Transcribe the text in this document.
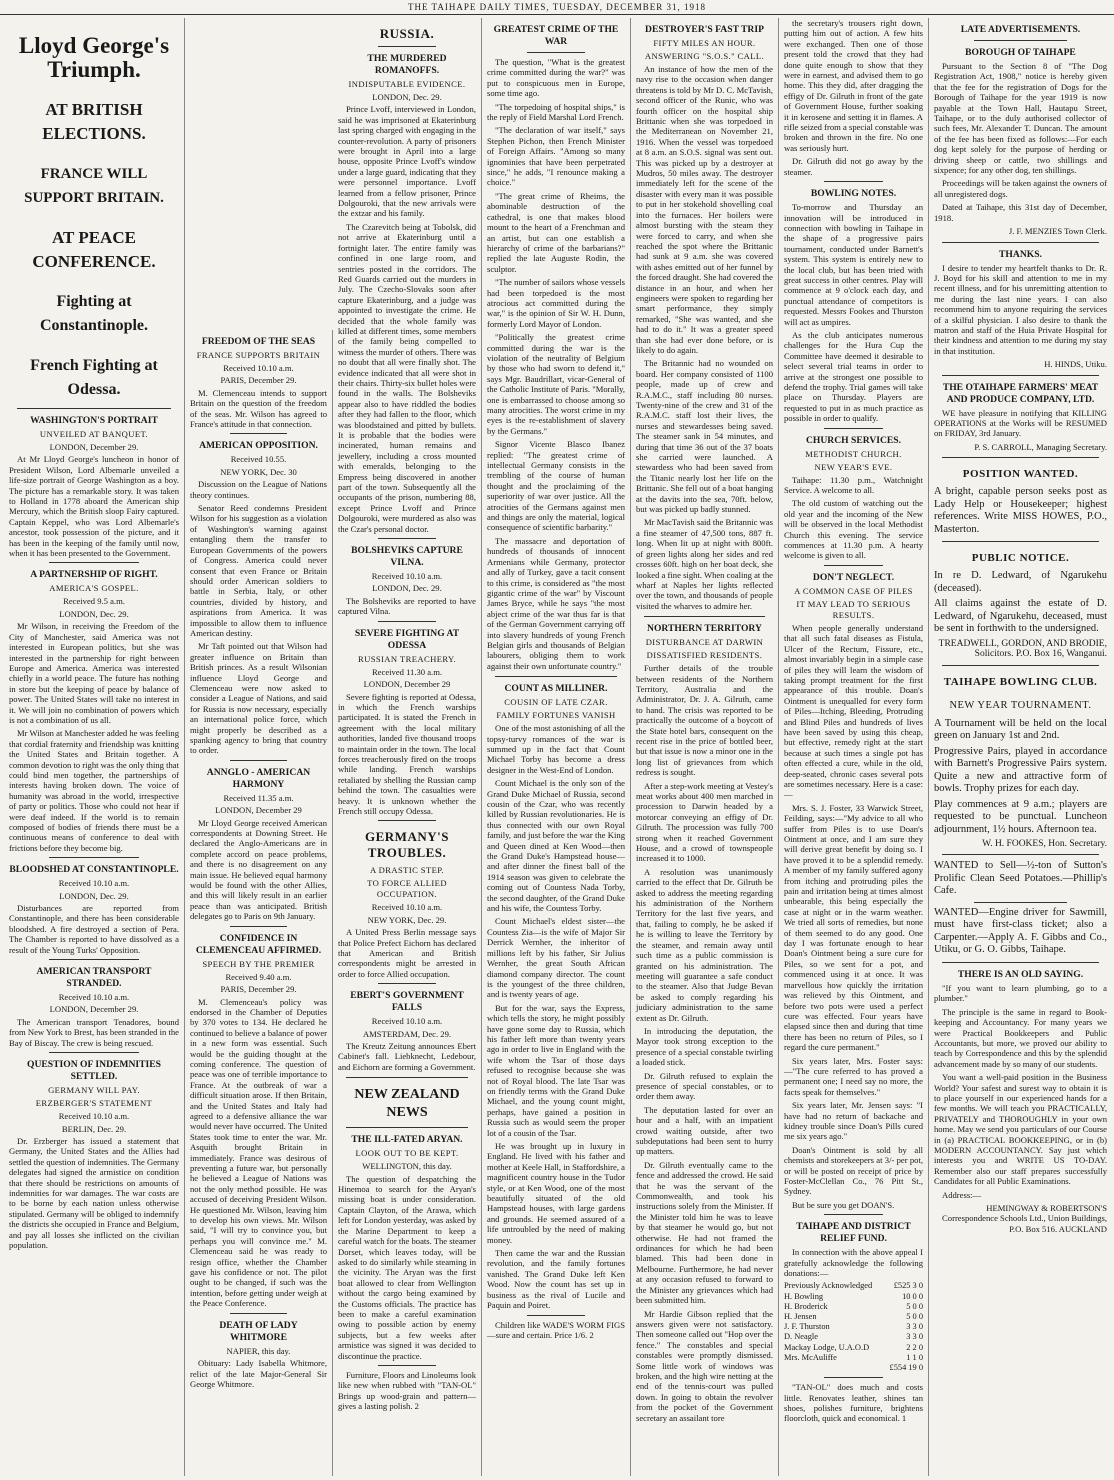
THE TAIHAPE DAILY TIMES, TUESDAY, DECEMBER 31, 1918
Lloyd George's Triumph.
AT BRITISH ELECTIONS.
FRANCE WILL SUPPORT BRITAIN.
AT PEACE CONFERENCE.
Fighting at Constantinople.
French Fighting at Odessa.
WASHINGTON'S PORTRAIT
UNVEILED AT BANQUET.
LONDON, December 29.

At Mr Lloyd George's luncheon in honor of President Wilson, Lord Albemarle unveiled a life-size portrait of George Washington as a boy. The picture has a remarkable story. It was taken to Holland in 1778 aboard the American ship Mercury, which the British sloop Fairy captured. Captain Keppel, who was Lord Albemarle's ancestor, took possession of the picture, and it has been in the keeping of the family until now, when it has been presented to the Government.

A PARTNERSHIP OF RIGHT.
AMERICA'S GOSPEL.
Received 9.5 a.m.
LONDON, Dec. 29.

Mr Wilson, in receiving the Freedom of the City of Manchester, said America was not interested in European politics, but she was interested in the partnership for right between Europe and America. America was interested chiefly in a world peace. The future has nothing in store but the keeping of peace by balance of power. The United States will take no interest in it. We will join no combination of powers which is not a combination of us all.

Mr Wilson at Manchester added he was feeling that cordial fraternity and friendship was knitting the United States and Britain together. A common devotion to right was the only thing that could bind men together, the partnerships of interests having broken down. The voice of humanity was abroad in the world, irrespective of party or politics. Those who could not hear if were deaf indeed. If the world is to remain composed of bodies of friends there must be a continuous means of conference to deal with frictions before they become big.

BLOODSHED AT CONSTANTINOPLE.
Received 10.10 a.m.
LONDON, Dec. 29.

Disturbances are reported from Constantinople, and there has been considerable bloodshed. A fire destroyed a section of Pera. The Chamber is reported to have dissolved as a result of the Young Turks' Opposition.

AMERICAN TRANSPORT STRANDED.
Received 10.10 a.m.
LONDON, December 29.

The American transport Tenadores, bound from New York to Brest, has been stranded in the Bay of Biscay. The crew is being rescued.

QUESTION OF INDEMNITIES SETTLED.
GERMANY WILL PAY.
ERZBERGER'S STATEMENT
Received 10.10 a.m.
BERLIN, Dec. 29.

Dr. Erzberger has issued a statement that Germany, the United States and the Allies had settled the question of indemnities. The Germany delegates had signed the armistice on condition that there should be restrictions on amounts of indemnities for war damages. The war costs are to be borne by each nation unless otherwise stipulated. Germany will be obliged to indemnify the districts she occupied in France and Belgium, and pay all losses she inflicted on the civilian population.

FREEDOM OF THE SEAS
FRANCE SUPPORTS BRITAIN
Received 10.10 a.m.
PARIS, December 29.

M. Clemenceau intends to support Britain on the question of the freedom of the seas. Mr. Wilson has agreed to France's attitude in that connection.

AMERICAN OPPOSITION.
Received 10.55.
NEW YORK, Dec. 30

Discussion on the League of Nations theory continues.

Senator Reed condemns President Wilson for his suggestion as a violation of Washington's warning against entangling them the transfer to European Governments of the powers of Congress. America could never consent that even France or Britain should order American soldiers to battle in Serbia, Italy, or other countries, divided by history, and aspirations from America. It was impossible to allow them to influence American destiny.

Mr Taft pointed out that Wilson had greater influence on Britain than British princes. As a result Wilsonian influence Lloyd George and Clemenceau were now asked to consider a League of Nations, and said for Russia is now necessary, especially an international police force, which might properly be described as a spanking agency to bring that country to order.

ANNGLO - AMERICAN HARMONY
Received 11.35 a.m.
LONDON, December 29

Mr Lloyd George received American correspondents at Downing Street. He declared the Anglo-Americans are in complete accord on peace problems, and there is no disagreement on any main issue. He believed equal harmony would be found with the other Allies, and this will likely result in an earlier peace than was anticipated. British delegates go to Paris on 9th January.

CONFIDENCE IN CLEMENCEAU AFFIRMED.
SPEECH BY THE PREMIER
Received 9.40 a.m.
PARIS, December 29.

M. Clemenceau's policy was endorsed in the Chamber of Deputies by 370 votes to 134. He declared he continued to believe a balance of power in a new form was essential. Such would be the guiding thought at the coming conference. The question of peace was one of terrible importance to France. At the outbreak of war a difficult situation arose. If then Britain, and the United States and Italy had agreed to a defensive alliance the war would never have occurred. The United States took time to enter the war. Mr. Asquith brought Britain in immediately. France was desirous of preventing a future war, but personally he believed a League of Nations was not the only method possible. He was accused of deceiving President Wilson. He questioned Mr. Wilson, leaving him to develop his own views. Mr. Wilson said, "I will try to convince you, but perhaps you will convince me." M. Clemenceau said he was ready to resign office, whether the Chamber gave his confidence or not. The pilot ought to be changed, if such was the intention, before getting under weigh at the Peace Conference.

DEATH OF LADY WHITMORE
NAPIER, this day.

Obituary: Lady Isabella Whitmore, relict of the late Major-General Sir George Whitmore.

RUSSIA.
THE MURDERED ROMANOFFS.
INDISPUTABLE EVIDENCE.
LONDON, Dec. 29.

Prince Lvoff, interviewed in London, said he was imprisoned at Ekaterinburg last spring charged with engaging in the counter-revolution. A party of prisoners were brought in April into a large house, opposite Prince Lvoff's window under a large guard, indicating that they were personnel importance. Lvoff learned from a fellow prisoner, Prince Dolgouroki, that the new arrivals were the extzar and his family.

The Czarevitch being at Tobolsk, did not arrive at Ekaterinburg until a fortnight later. The entire family was confined in one large room, and sentries posted in the corridors. The Red Guards carried out the murders in July. The Czecho-Slovaks soon after capture Ekaterinburg, and a judge was appointed to investigate the crime. He decided that the whole family was killed at different times, some members of the family being compelled to witness the murder of others. There was no doubt that all were finally shot. The evidence indicated that all were shot in their chairs. Thirty-six bullet holes were found in the walls. The Bolsheviks appear also to have riddled the bodies after they had fallen to the floor, which was bloodstained and pitted by bullets. It is probable that the bodies were incinerated, human remains and jewellery, including a cross mounted with emeralds, belonging to the Empress being discovered in another part of the town. Subsequently all the occupants of the prison, numbering 88, except Prince Lvoff and Prince Dolgouroki, were murdered as also was the Czar's personal doctor.

BOLSHEVIKS CAPTURE VILNA.
Received 10.10 a.m.
LONDON, Dec. 29.

The Bolsheviks are reported to have captured Vilna.

SEVERE FIGHTING AT ODESSA
RUSSIAN TREACHERY.
Received 11.30 a.m.
LONDON, December 29

Severe fighting is reported at Odessa, in which the French warships participated. It is stated the French in agreement with the local military authorities, landed five thousand troops to maintain order in the town. The local forces treacherously fired on the troops while landing. French warships retaliated by shelling the Russian camp behind the town. The casualties were heavy. It is unknown whether the French still occupy Odessa.

GERMANY'S TROUBLES.
A DRASTIC STEP.
TO FORCE ALLIED OCCUPATION.
Received 10.10 a.m.
NEW YORK, Dec. 29.

A United Press Berlin message says that Police Prefect Eichorn has declared that American and British correspondents might be arrested in order to force Allied occupation.

EBERT'S GOVERNMENT FALLS
Received 10.10 a.m.
AMSTERDAM, Dec. 29.

The Kreutz Zeitung announces Ebert Cabinet's fall. Liebknecht, Ledebour, and Eichorn are forming a Government.

NEW ZEALAND NEWS
THE ILL-FATED ARYAN.
LOOK OUT TO BE KEPT.
WELLINGTON, this day.

The question of despatching the Hinemoa to search for the Aryan's missing boat is under consideration. Captain Clayton, of the Arawa, which left for London yesterday, was asked by the Marine Department to keep a careful watch for the boats. The steamer Dorset, which leaves today, will be asked to do similarly while steaming in the vicinity. The Aryan was the first boat allowed to clear from Wellington without the cargo being examined by the Customs officials. The practice has been to make a careful examination owing to possible action by enemy subjects, but a few weeks after armistice was signed it was decided to discontinue the practice.

Furniture, Floors and Linoleums look like new when rubbed with "TAN-OL" Brings up wood-grain and pattern—gives a lasting polish. 2

GREATEST CRIME OF THE WAR

The question, "What is the greatest crime committed during the war?" was put to conspicuous men in Europe, some time ago.

"The torpedoing of hospital ships," is the reply of Field Marshal Lord French.

"The declaration of war itself," says Stephen Pichon, then French Minister of Foreign Affairs. "Among so many ignominies that have been perpetrated since," he adds, "I renounce making a choice."

"The great crime of Rheims, the abominable destruction of the cathedral, is one that makes blood mount to the heart of a Frenchman and an artist, but can one establish a hierarchy of crime of the barbarians?" replied the late Auguste Rodin, the sculptor.

"The number of sailors whose vessels had been torpedoed is the most atrocious act committed during the war," is the opinion of Sir W. H. Dunn, formerly Lord Mayor of London.

"Politically the greatest crime committed during the war is the violation of the neutrality of Belgium by those who had sworn to defend it," says Mgr. Baudrillart, vicar-General of the Catholic Institute of Paris. "Morally, one is embarrassed to choose among so many atrocities. The worst crime in my eyes is the re-establishment of slavery by the Germans."

Signor Vicente Blasco Ibanez replied: "The greatest crime of intellectual Germany consists in the trembling of the course of human thought and the proclaiming of the superiority of war over justice. All the atrocities of the Germans against men and things are only the material, logical consequence of scientific barbarity."

The massacre and deportation of hundreds of thousands of innocent Armenians while Germany, protector and ally of Turkey, gave a tacit consent to this crime, is considered as "the most gigantic crime of the war" by Viscount James Bryce, while he says "the most abject crime of the war thus far is that of the German Government carrying off into slavery hundreds of young French Belgian girls and thousands of Belgian labourers, obliging them to work against their own unfortunate country."

COUNT AS MILLINER.
COUSIN OF LATE CZAR.
FAMILY FORTUNES VANISH

One of the most astonishing of all the topsy-turvy romances of the war is summed up in the fact that Count Michael Torby has become a dress designer in the West-End of London.

Count Michael is the only son of the Grand Duke Michael of Russia, second cousin of the Czar, who was recently killed by Russian revolutionaries. He is thus connected with our own Royal family, and just before the war the King and Queen dined at Ken Wood—then the Grand Duke's Hampstead house—and after dinner the finest ball of the 1914 season was given to celebrate the coming out of Countess Nada Torby, the second daughter, of the Grand Duke and his wife, the Countess Torby.

Count Michael's eldest sister—the Countess Zia—is the wife of Major Sir Derrick Wernher, the inheritor of millions left by his father, Sir Julius Wernher, the great South African diamond company director. The count is the youngest of the three children, and is twenty years of age.

But for the war, says the Express, which tells the story, he might possibly have gone some day to Russia, which his father left more than twenty years ago in order to live in England with the wife whom the Tsar of those days refused to recognise because she was not of Royal blood. The late Tsar was on friendly terms with the Grand Duke Michael, and the young count might, perhaps, have gained a position in Russia such as would seem the proper lot of a cousin of the Tsar.

He was brought up in luxury in England. He lived with his father and mother at Keele Hall, in Staffordshire, a magnificent country house in the Tudor style, or at Ken Wood, one of the most beautifully situated of the old Hampstead houses, with large gardens and grounds. He seemed assured of a life untroubled by the need of making money.

Then came the war and the Russian revolution, and the family fortunes vanished. The Grand Duke left Ken Wood. Now the count has set up in business as the rival of Lucile and Paquin and Poiret.

Children like WADE'S WORM FIGS—sure and certain. Price 1/6. 2

DESTROYER'S FAST TRIP
FIFTY MILES AN HOUR.
ANSWERING "S.O.S." CALL.

An instance of how the men of the navy rise to the occasion when danger threatens is told by Mr D. C. McTavish, second officer of the Runic, who was fourth officer on the hospital ship Brittanic when she was torpedoed in the Mediterranean on November 21, 1916. When the vessel was torpedoed at 8 a.m. an S.O.S. signal was sent out. This was picked up by a destroyer at Mudros, 50 miles away. The destroyer immediately left for the scene of the disaster with every man it was possible to put in her stokehold shovelling coal into the furnaces. Her boilers were almost bursting with the steam they were forced to carry, and when she reached the spot where the Brittanic had sunk at 9 a.m. she was covered with ashes emitted out of her funnel by the forced draught. She had covered the distance in an hour, and when her engineers were spoken to regarding her smart performance, they simply remarked, "She was wanted, and she had to do it." It was a greater speed than she had ever done before, or is likely to do again.

The Britannic had no wounded on board. Her company consisted of 1100 people, made up of crew and R.A.M.C., staff including 80 nurses. Twenty-nine of the crew and 31 of the R.A.M.C. staff lost their lives, the nurses and stewardesses being saved. The steamer sank in 54 minutes, and during that time 36 out of the 37 boats she carried were launched. A stewardess who had been saved from the Titanic nearly lost her life on the Brittanic. She fell out of a boat hanging at the davits into the sea, 70ft. below, but was picked up badly stunned.

Mr MacTavish said the Britannic was a fine steamer of 47,500 tons, 887 ft. long. When lit up at night with 800ft. of green lights along her sides and red crosses 60ft. high on her boat deck, she looked a fine sight. When coaling at the wharf at Naples her lights reflected over the town, and thousands of people visited the wharves to admire her.

NORTHERN TERRITORY
DISTURBANCE AT DARWIN
DISSATISFIED RESIDENTS.

Further details of the trouble between residents of the Northern Territory, Australia and the Administrator, Dr. J. A. Gilruth, came to hand. The crisis was reported to be practically the outcome of a boycott of the State hotel bars, consequent on the recent rise in the price of bottled beer, but that issue is now a minor one in the long list of grievances from which redress is sought.

After a step-work meeting at Vestey's meat works about 400 men marched in procession to Darwin headed by a motorcar conveying an effigy of Dr. Gilruth. The procession was fully 700 strong when it reached Government House, and a crowd of townspeople increased it to 1000.

A resolution was unanimously carried to the effect that Dr. Gilruth be asked to address the meeting regarding his administration of the Northern Territory for the last five years, and that, failing to comply, he be asked if he is willing to leave the Territory by the steamer, and remain away until such time as a public commission is granted on his administration. The meeting will guarantee a safe conduct to the steamer. Also that Judge Bevan be asked to comply regarding his judiciary administration to the same extent as Dr. Gilruth.

In introducing the deputation, the Mayor took strong exception to the presence of a special constable twirling a loaded stick.

Dr. Gilruth refused to explain the presence of special constables, or to order them away.

The deputation lasted for over an hour and a half, with an impatient crowd waiting outside, after two subdeputations had been sent to hurry up matters.

Dr. Gilruth eventually came to the fence and addressed the crowd. He said that he was the servant of the Commonwealth, and took his instructions solely from the Minister. If the Minister told him he was to leave by that steamer he would go, but not otherwise. He had not framed the ordinances for which he had been blamed. This had been done in Melbourne. Furthermore, he had never at any occasion refused to forward to the Minister any grievances which had been submitted him.

Mr Hardie Gibson replied that the answers given were not satisfactory. Then someone called out "Hop over the fence." The constables and special constables were promptly dismissed. Some little work of windows was broken, and the high wire netting at the end of the tennis-court was pulled down. In going to obtain the revolver from the pocket of the Government secretary an assailant tore

the secretary's trousers right down, putting him out of action. A few hits were exchanged. Then one of those present told the crowd that they had done quite enough to show that they were in earnest, and advised them to go home. This they did, after dragging the effigy of Dr. Gilruth in front of the gate of Government House, further soaking it in kerosene and setting it in flames. A rifle seized from a special constable was broken and thrown in the fire. No one was seriously hurt.

Dr. Gilruth did not go away by the steamer.

BOWLING NOTES.

To-morrow and Thursday an innovation will be introduced in connection with bowling in Taihape in the shape of a progressive pairs tournament, conducted under Barnett's system. This system is entirely new to the local club, but has been tried with great success in other centres. Play will commence at 9 o'clock each day, and punctual attendance of competitors is requested. Messrs Fookes and Thurston will act as umpires.

As the club anticipates numerous challenges for the Hura Cup the Committee have deemed it desirable to select several trial teams in order to arrive at the strongest one possible to defend the trophy. Trial games will take place on Thursday. Players are requested to put in as much practice as possible in order to qualify.

CHURCH SERVICES.
METHODIST CHURCH.
NEW YEAR'S EVE.

Taihape: 11.30 p.m., Watchnight Service. A welcome to all.

The old custom of watching out the old year and the incoming of the New will be observed in the local Methodist Church this evening. The service commences at 11.30 p.m. A hearty welcome is given to all.

DON'T NEGLECT.
A COMMON CASE OF PILES
IT MAY LEAD TO SERIOUS RESULTS.

When people generally understand that all such fatal diseases as Fistula, Ulcer of the Rectum, Fissure, etc., almost invariably begin in a simple case of piles they will learn the wisdom of taking prompt treatment for the first appearance of this trouble. Doan's Ointment is unequalled for every form of Piles—Itching, Bleeding, Protruding and Blind Piles and hundreds of lives have been saved by using this cheap, but effective, remedy right at the start because at such times a single pot has often effected a cure, while in the old, deep-seated, chronic cases several pots are sometimes necessary. Here is a case:—

Mrs. S. J. Foster, 33 Warwick Street, Feilding, says:—"My advice to all who suffer from Piles is to use Doan's Ointment at once, and I am sure they will derive great benefit by doing so. I have proved it to be a splendid remedy. A member of my family suffered agony from itching and protruding piles the pain and irritation being at times almost unbearable, this being especially the case at night or in the warm weather. We tried all sorts of remedies, but none of them seemed to do any good. One day I was fortunate enough to hear Doan's Ointment being a sure cure for Piles, so we sent for a pot, and commenced using it at once. It was marvellous how quickly the irritation was relieved by this Ointment, and before two pots were used a perfect cure was effected. Four years have elapsed since then and during that time there has been no return of Piles, so I regard the cure permanent."

Six years later, Mrs. Foster says:—"The cure referred to has proved a permanent one; I need say no more, the facts speak for themselves."

Six years later, Mr. Jensen says: "I have had no return of backache and kidney trouble since Doan's Pills cured me six years ago."

Doan's Ointment is sold by all chemists and storekeepers at 3/- per pot, or will be posted on receipt of price by Foster-McClellan Co., 76 Pitt St., Sydney.

But be sure you get DOAN'S.

TAIHAPE AND DISTRICT RELIEF FUND.

In connection with the above appeal I gratefully acknowledge the following donations:—

Previously Acknowledged	£525 3 0
H. Bowling	10 0 0
H. Broderick	5 0 0
H. Jensen	5 0 0
J. F. Thurston	3 3 0
D. Neagle	3 3 0
Mackay Lodge, U.A.O.D	2 2 0
Mrs. McAuliffe	1 1 0
	£554 19 0

"TAN-OL" does much and costs little. Renovates leather, shines tan shoes, polishes furniture, brightens floorcloth, quick and economical. 1

LATE ADVERTISEMENTS.
BOROUGH OF TAIHAPE

Pursuant to the Section 8 of "The Dog Registration Act, 1908," notice is hereby given that the fee for the registration of Dogs for the Borough of Taihape for the year 1919 is now payable at the Town Hall, Hautapu Street, Taihape, or to the duly authorised collector of such fees, Mr. Alexander T. Duncan. The amount of the fee has been fixed as follows:—For each dog kept solely for the purpose of herding or driving sheep or cattle, two shillings and sixpence; for any other dog, ten shillings.

Proceedings will be taken against the owners of all unregistered dogs.

Dated at Taihape, this 31st day of December, 1918.

J. F. MENZIES Town Clerk.

THANKS.

I desire to tender my heartfelt thanks to Dr. R. J. Boyd for his skill and attention to me in my recent illness, and for his unremitting attention to me during the last nine years. I can also recommend him to anyone requiring the services of a skilful physician. I also desire to thank the matron and staff of the Huia Private Hospital for their kindness and attention to me during my stay in that institution.

H. HINDS, Utiku.

THE OTAIHAPE FARMERS' MEAT AND PRODUCE COMPANY, LTD.

WE have pleasure in notifying that KILLING OPERATIONS at the Works will be RESUMED on FRIDAY, 3rd January.

P. S. CARROLL, Managing Secretary.

POSITION WANTED.

A bright, capable person seeks post as Lady Help or Housekeeper; highest references. Write MISS HOWES, P.O., Masterton.

PUBLIC NOTICE.

In re D. Ledward, of Ngarukehu (deceased).

All claims against the estate of D. Ledward, of Ngarukehu, deceased, must be sent in forthwith to the undersigned.

TREADWELL, GORDON, AND BRODIE, Solicitors. P.O. Box 16, Wanganui.

TAIHAPE BOWLING CLUB.
NEW YEAR TOURNAMENT.

A Tournament will be held on the local green on January 1st and 2nd.

Progressive Pairs, played in accordance with Barnett's Progressive Pairs system. Quite a new and attractive form of bowls. Trophy prizes for each day.

Play commences at 9 a.m.; players are requested to be punctual. Luncheon adjournment, 1½ hours. Afternoon tea.

W. H. FOOKES, Hon. Secretary.

WANTED to Sell—½-ton of Sutton's Prolific Clean Seed Potatoes.—Phillip's Cafe.

WANTED—Engine driver for Sawmill, must have first-class ticket; also a Carpenter.—Apply A. F. Gibbs and Co., Utiku, or G. O. Gibbs, Taihape.

THERE IS AN OLD SAYING.

"If you want to learn plumbing, go to a plumber."

The principle is the same in regard to Book-keeping and Accountancy. For many years we were Practical Bookkeepers and Public Accountants, but more, we proved our ability to teach by Correspondence and this by the splendid advancement made by so many of our students.

You want a well-paid position in the Business World? Your safest and surest way to obtain it is to place yourself in our experienced hands for a few months. We will teach you PRACTICALLY, PRIVATELY and THOROUGHLY in your own home. May we send you particulars of our Course in (a) PRACTICAL BOOKKEEPING, or in (b) MODERN ACCOUNTANCY. Say just which interests you and WRITE US TO-DAY. Remember also our staff prepares successfully Candidates for all Public Examinations.

Address:—

HEMINGWAY & ROBERTSON'S Correspondence Schools Ltd., Union Buildings, P.O. Box 516. AUCKLAND
